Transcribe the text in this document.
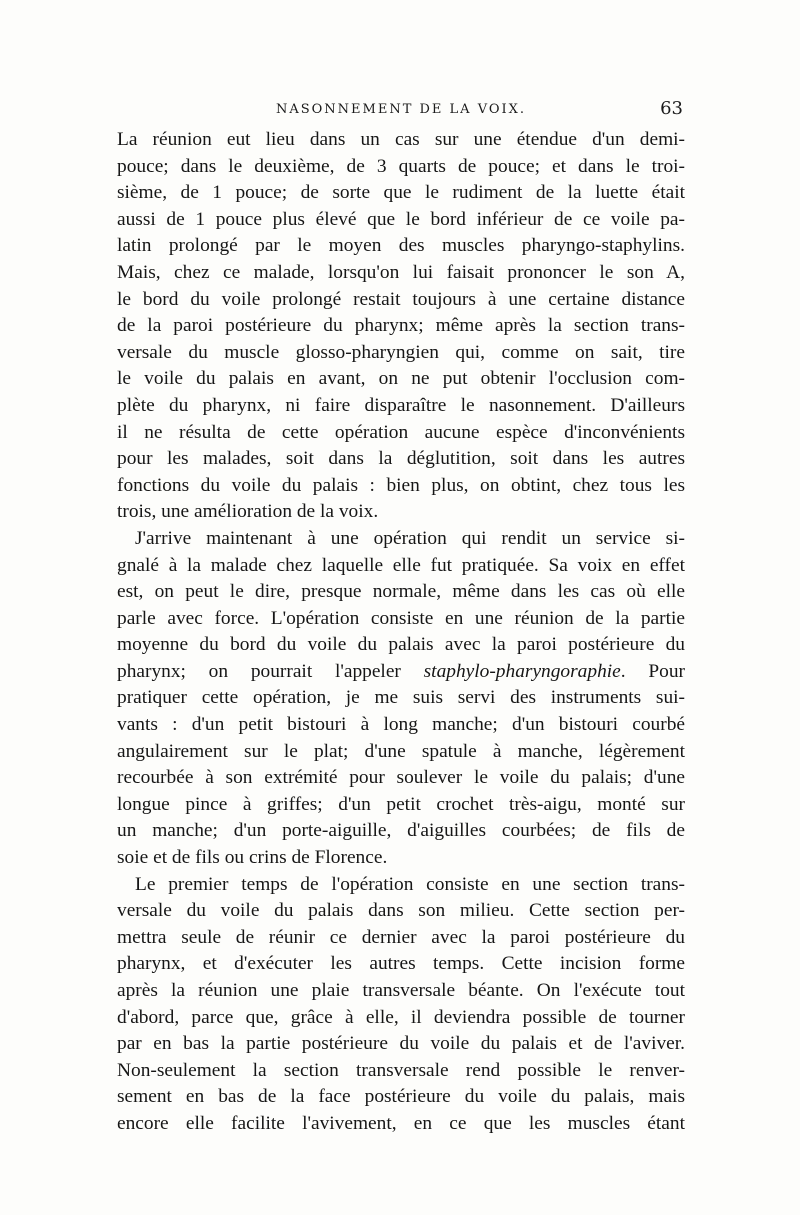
NASONNEMENT DE LA VOIX.	63
La réunion eut lieu dans un cas sur une étendue d'un demi-
pouce; dans le deuxième, de 3 quarts de pouce; et dans le troi-
sième, de 1 pouce; de sorte que le rudiment de la luette était
aussi de 1 pouce plus élevé que le bord inférieur de ce voile pa-
latin prolongé par le moyen des muscles pharyngo-staphylins.
Mais, chez ce malade, lorsqu'on lui faisait prononcer le son A,
le bord du voile prolongé restait toujours à une certaine distance
de la paroi postérieure du pharynx; même après la section trans-
versale du muscle glosso-pharyngien qui, comme on sait, tire
le voile du palais en avant, on ne put obtenir l'occlusion com-
plète du pharynx, ni faire disparaître le nasonnement. D'ailleurs
il ne résulta de cette opération aucune espèce d'inconvénients
pour les malades, soit dans la déglutition, soit dans les autres
fonctions du voile du palais : bien plus, on obtint, chez tous les
trois, une amélioration de la voix.
J'arrive maintenant à une opération qui rendit un service si-
gnalé à la malade chez laquelle elle fut pratiquée. Sa voix en effet
est, on peut le dire, presque normale, même dans les cas où elle
parle avec force. L'opération consiste en une réunion de la partie
moyenne du bord du voile du palais avec la paroi postérieure du
pharynx; on pourrait l'appeler staphylo-pharyngoraphie. Pour
pratiquer cette opération, je me suis servi des instruments sui-
vants : d'un petit bistouri à long manche; d'un bistouri courbé
angulairement sur le plat; d'une spatule à manche, légèrement
recourbée à son extrémité pour soulever le voile du palais; d'une
longue pince à griffes; d'un petit crochet très-aigu, monté sur
un manche; d'un porte-aiguille, d'aiguilles courbées; de fils de
soie et de fils ou crins de Florence.
Le premier temps de l'opération consiste en une section trans-
versale du voile du palais dans son milieu. Cette section per-
mettra seule de réunir ce dernier avec la paroi postérieure du
pharynx, et d'exécuter les autres temps. Cette incision forme
après la réunion une plaie transversale béante. On l'exécute tout
d'abord, parce que, grâce à elle, il deviendra possible de tourner
par en bas la partie postérieure du voile du palais et de l'aviver.
Non-seulement la section transversale rend possible le renver-
sement en bas de la face postérieure du voile du palais, mais
encore elle facilite l'avivement, en ce que les muscles étant
